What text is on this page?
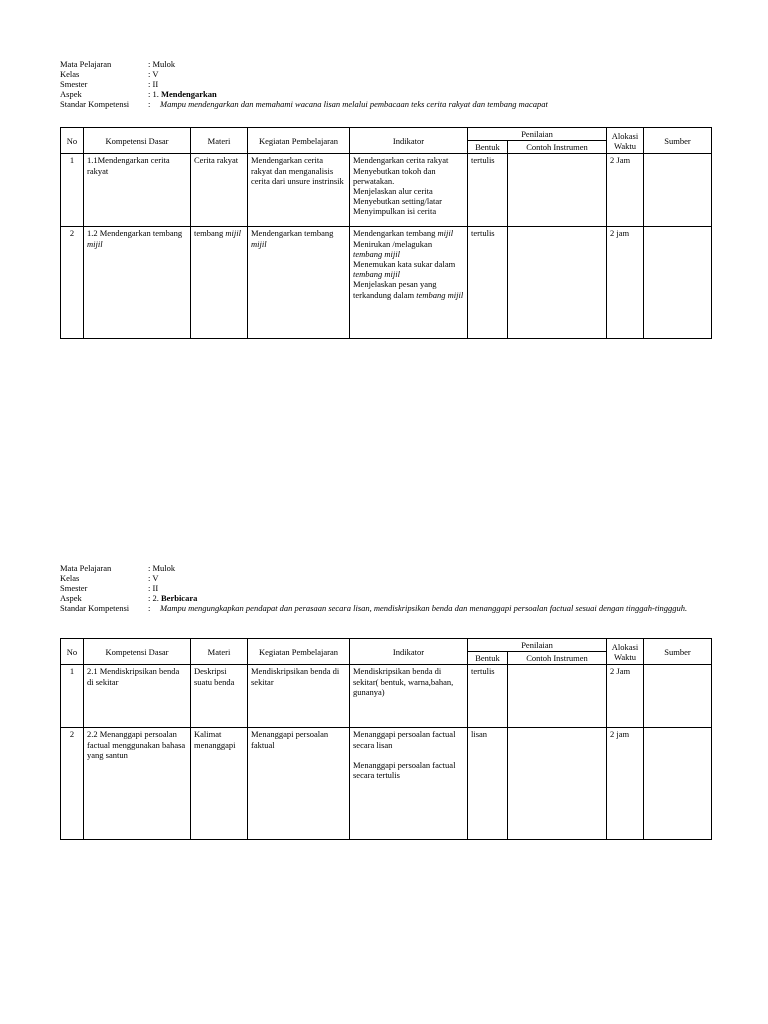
Mata Pelajaran	: Mulok
Kelas	: V
Smester	: II
Aspek	: 1. Mendengarkan
Standar Kompetensi	:	Mampu mendengarkan dan memahami wacana lisan melalui pembacaan teks cerita rakyat dan tembang macapat
No	Kompetensi Dasar	Materi	Kegiatan Pembelajaran	Indikator	Penilaian		Alokasi Waktu	Sumber
					Bentuk	Contoh Instrumen		
1	1.1Mendengarkan cerita rakyat	Cerita rakyat	Mendengarkan cerita rakyat dan menganalisis cerita dari unsure instrinsik	Mendengarkan cerita rakyat
Menyebutkan tokoh dan perwatakan.
Menjelaskan alur cerita
Menyebutkan setting/latar
Menyimpulkan isi cerita	tertulis		2 Jam	
2	1.2 Mendengarkan tembang mijil	tembang mijil	Mendengarkan tembang mijil	Mendengarkan tembang mijil
Menirukan /melagukan
tembang mijil
Menemukan kata sukar dalam tembang mijil
Menjelaskan pesan yang terkandung dalam tembang mijil	tertulis		2 jam	
Mata Pelajaran	: Mulok
Kelas	: V
Smester	: II
Aspek	: 2. Berbicara
Standar Kompetensi	:	Mampu mengungkapkan pendapat dan perasaan secara lisan, mendiskripsikan benda dan menanggapi persoalan factual sesuai dengan tinggah-tinggguh.
No	Kompetensi Dasar	Materi	Kegiatan Pembelajaran	Indikator	Penilaian		Alokasi Waktu	Sumber
					Bentuk	Contoh Instrumen		
1	2.1 Mendiskripsikan benda di sekitar	Deskripsi suatu benda	Mendiskripsikan benda di sekitar	Mendiskripsikan benda di sekitar( bentuk, warna,bahan, gunanya)	tertulis		2 Jam	
2	2.2 Menanggapi persoalan factual menggunakan bahasa yang santun	Kalimat menanggapi	Menanggapi persoalan faktual	Menanggapi persoalan factual secara lisan
Menanggapi persoalan factual secara tertulis	lisan		2 jam	
